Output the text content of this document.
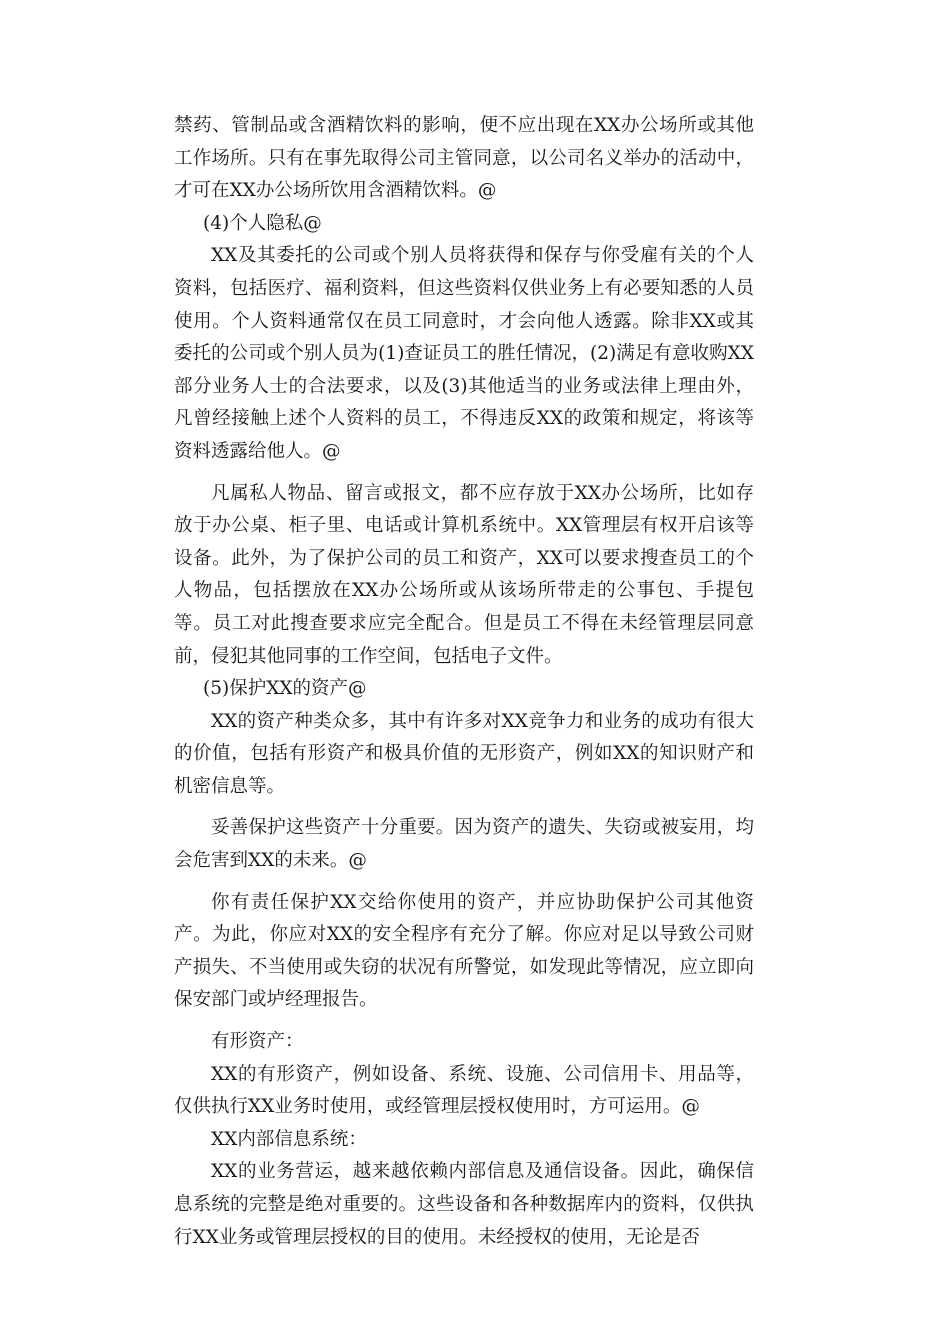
禁药、管制品或含酒精饮料的影响，便不应出现在XX办公场所或其他工作场所。只有在事先取得公司主管同意，以公司名义举办的活动中，才可在XX办公场所饮用含酒精饮料。@

(4)个人隐私@

XX及其委托的公司或个别人员将获得和保存与你受雇有关的个人资料，包括医疗、福利资料，但这些资料仅供业务上有必要知悉的人员使用。个人资料通常仅在员工同意时，才会向他人透露。除非XX或其委托的公司或个别人员为(1)查证员工的胜任情况，(2)满足有意收购XX部分业务人士的合法要求，以及(3)其他适当的业务或法律上理由外，凡曾经接触上述个人资料的员工，不得违反XX的政策和规定，将该等资料透露给他人。@

凡属私人物品、留言或报文，都不应存放于XX办公场所，比如存放于办公桌、柜子里、电话或计算机系统中。XX管理层有权开启该等设备。此外，为了保护公司的员工和资产，XX可以要求搜查员工的个人物品，包括摆放在XX办公场所或从该场所带走的公事包、手提包等。员工对此搜查要求应完全配合。但是员工不得在未经管理层同意前，侵犯其他同事的工作空间，包括电子文件。

(5)保护XX的资产@

XX的资产种类众多，其中有许多对XX竞争力和业务的成功有很大的价值，包括有形资产和极具价值的无形资产，例如XX的知识财产和机密信息等。

妥善保护这些资产十分重要。因为资产的遗失、失窃或被妄用，均会危害到XX的未来。@

你有责任保护XX交给你使用的资产，并应协助保护公司其他资产。为此，你应对XX的安全程序有充分了解。你应对足以导致公司财产损失、不当使用或失窃的状况有所警觉，如发现此等情况，应立即向保安部门或垆经理报告。

有形资产：

XX的有形资产，例如设备、系统、设施、公司信用卡、用品等，仅供执行XX业务时使用，或经管理层授权使用时，方可运用。@

XX内部信息系统：

XX的业务营运，越来越依赖内部信息及通信设备。因此，确保信息系统的完整是绝对重要的。这些设备和各种数据库内的资料，仅供执行XX业务或管理层授权的目的使用。未经授权的使用，无论是否
